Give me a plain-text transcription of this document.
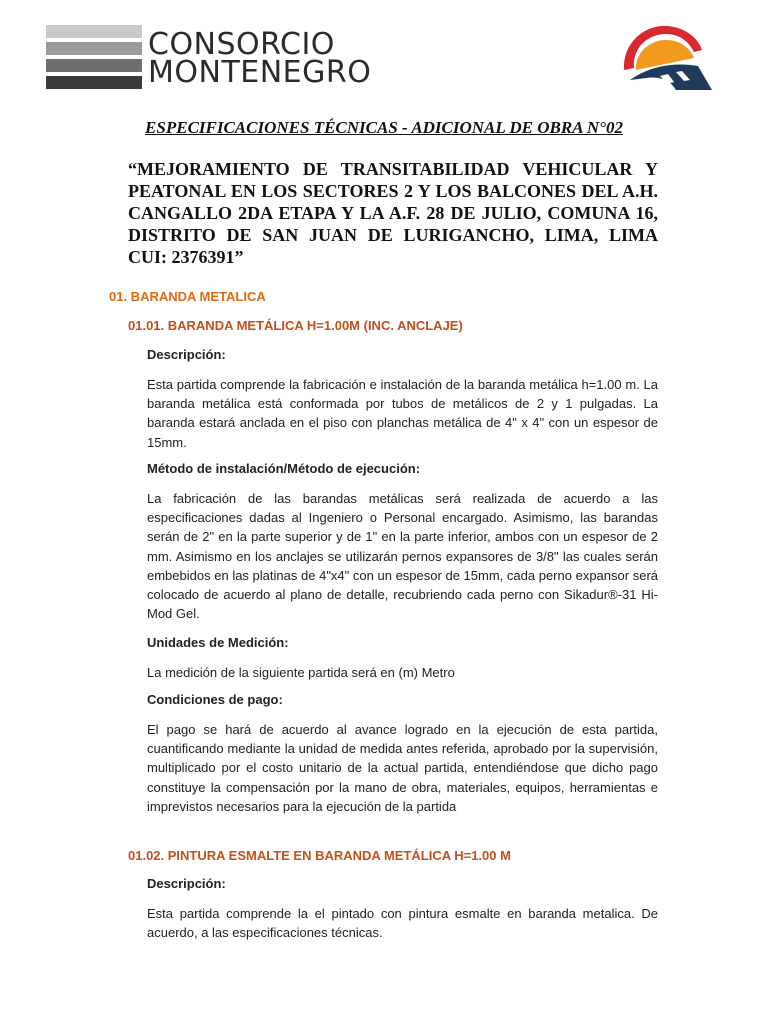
CONSORCIO
MONTENEGRO
ESPECIFICACIONES TÉCNICAS - ADICIONAL DE OBRA N°02
“MEJORAMIENTO DE TRANSITABILIDAD VEHICULAR Y
PEATONAL EN LOS SECTORES 2 Y LOS BALCONES DEL A.H.
CANGALLO 2DA ETAPA Y LA A.F. 28 DE JULIO, COMUNA 16,
DISTRITO DE SAN JUAN DE LURIGANCHO, LIMA, LIMA
CUI: 2376391”
01. BARANDA METALICA
01.01. BARANDA METÁLICA H=1.00M (INC. ANCLAJE)
Descripción:
Esta partida comprende la fabricación e instalación de la baranda metálica h=1.00 m. La baranda metálica está conformada por tubos de metálicos de 2 y 1 pulgadas. La baranda estará anclada en el piso con planchas metálica de 4" x 4" con un espesor de 15mm.
Método de instalación/Método de ejecución:
La fabricación de las barandas metálicas será realizada de acuerdo a las especificaciones dadas al Ingeniero o Personal encargado. Asimismo, las barandas serán de 2" en la parte superior y de 1" en la parte inferior, ambos con un espesor de 2 mm. Asimismo en los anclajes se utilizarán pernos expansores de 3/8" las cuales serán embebidos en las platinas de 4"x4" con un espesor de 15mm, cada perno expansor será colocado de acuerdo al plano de detalle, recubriendo cada perno con Sikadur®-31 Hi-Mod Gel.
Unidades de Medición:
La medición de la siguiente partida será en (m) Metro
Condiciones de pago:
El pago se hará de acuerdo al avance logrado en la ejecución de esta partida, cuantificando mediante la unidad de medida antes referida, aprobado por la supervisión, multiplicado por el costo unitario de la actual partida, entendiéndose que dicho pago constituye la compensación por la mano de obra, materiales, equipos, herramientas e imprevistos necesarios para la ejecución de la partida
01.02. PINTURA ESMALTE EN BARANDA METÁLICA H=1.00 M
Descripción:
Esta partida comprende la el pintado con pintura esmalte en baranda metalica. De acuerdo, a las especificaciones técnicas.
